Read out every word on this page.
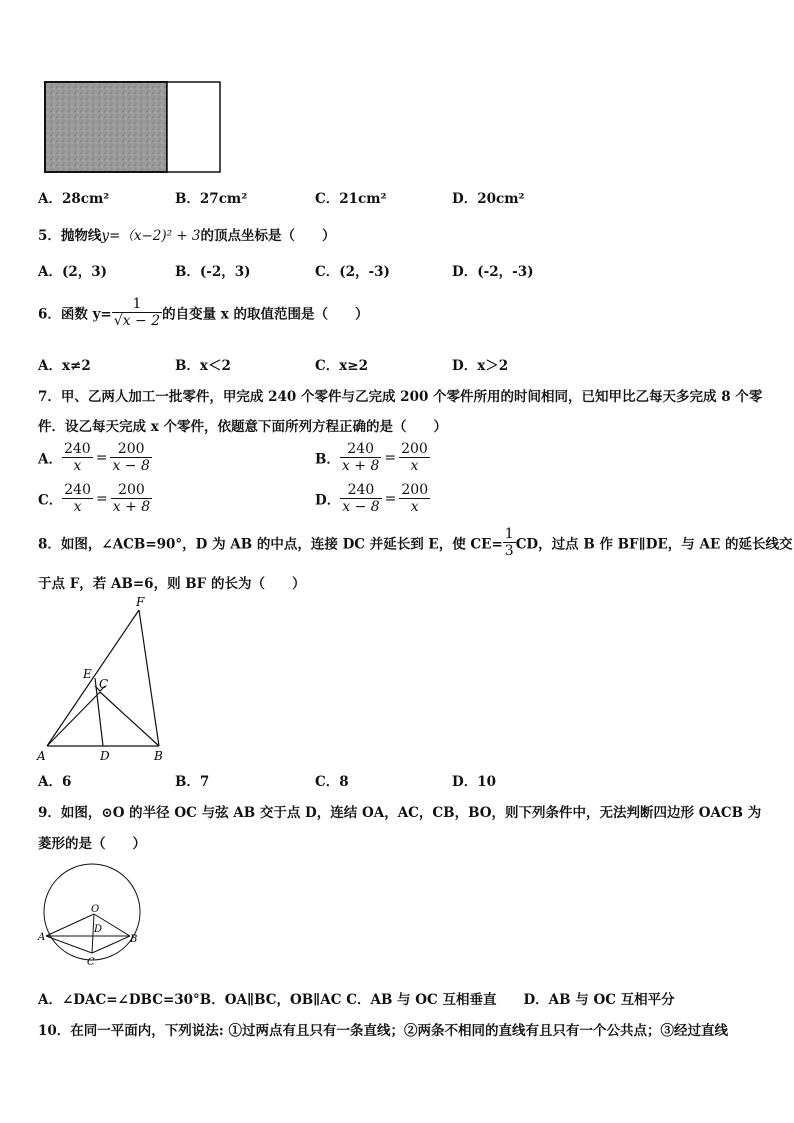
A．28cm²	B．27cm²	C．21cm²	D．20cm²
5．抛物线y=（x−2)² + 3的顶点坐标是（　　）
A．(2，3)	B．(-2，3)	C．(2，-3)	D．(-2，-3)
6．函数 $y= \frac{1}{√x - 2}$ 的自变量 x 的取值范围是（　　）
A．x≠2	B．x＜2	C．x≥2	D．x＞2
7．甲、乙两人加工一批零件，甲完成 240 个零件与乙完成 200 个零件所用的时间相同，已知甲比乙每天多完成 8 个零
件．设乙每天完成 x 个零件，依题意下面所列方程正确的是（　　）
A． $\frac{240}{x} = \frac{200}{x - 8}$	B． $\frac{240}{x + 8} = \frac{200}{x}$
C． $\frac{240}{x} = \frac{200}{x + 8}$	D． $\frac{240}{x - 8} = \frac{200}{x}$
8．如图，∠ACB=90°，D 为 AB 的中点，连接 DC 并延长到 E，使 $CE= \frac{1}{3}$ CD，过点 B 作 BF∥DE，与 AE 的延长线交
于点 F，若 AB=6，则 BF 的长为（　　）
F
E
C
A	D	B
A．6	B．7	C．8	D．10
9．如图，⊙O 的半径 OC 与弦 AB 交于点 D，连结 OA，AC，CB，BO，则下列条件中，无法判断四边形 OACB 为
菱形的是（　　）
O
A
D
B
C
A．∠DAC=∠DBC=30°B．OA∥BC，OB∥AC C．AB 与 OC 互相垂直　　D．AB 与 OC 互相平分
10．在同一平面内，下列说法: ①过两点有且只有一条直线；②两条不相同的直线有且只有一个公共点；③经过直线
